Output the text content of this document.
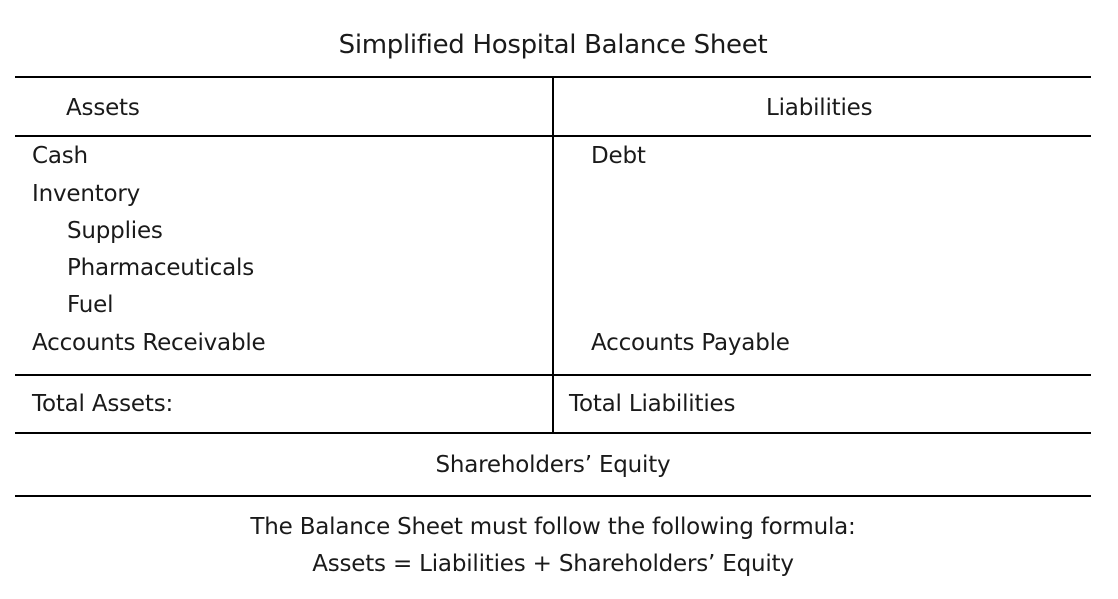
Simplified Hospital Balance Sheet
Assets	Liabilities
Cash
Inventory
Supplies
Pharmaceuticals
Fuel
Accounts Receivable
Debt
Accounts Payable
Total Assets:	Total Liabilities
Shareholders’ Equity
The Balance Sheet must follow the following formula:
Assets = Liabilities + Shareholders’ Equity
